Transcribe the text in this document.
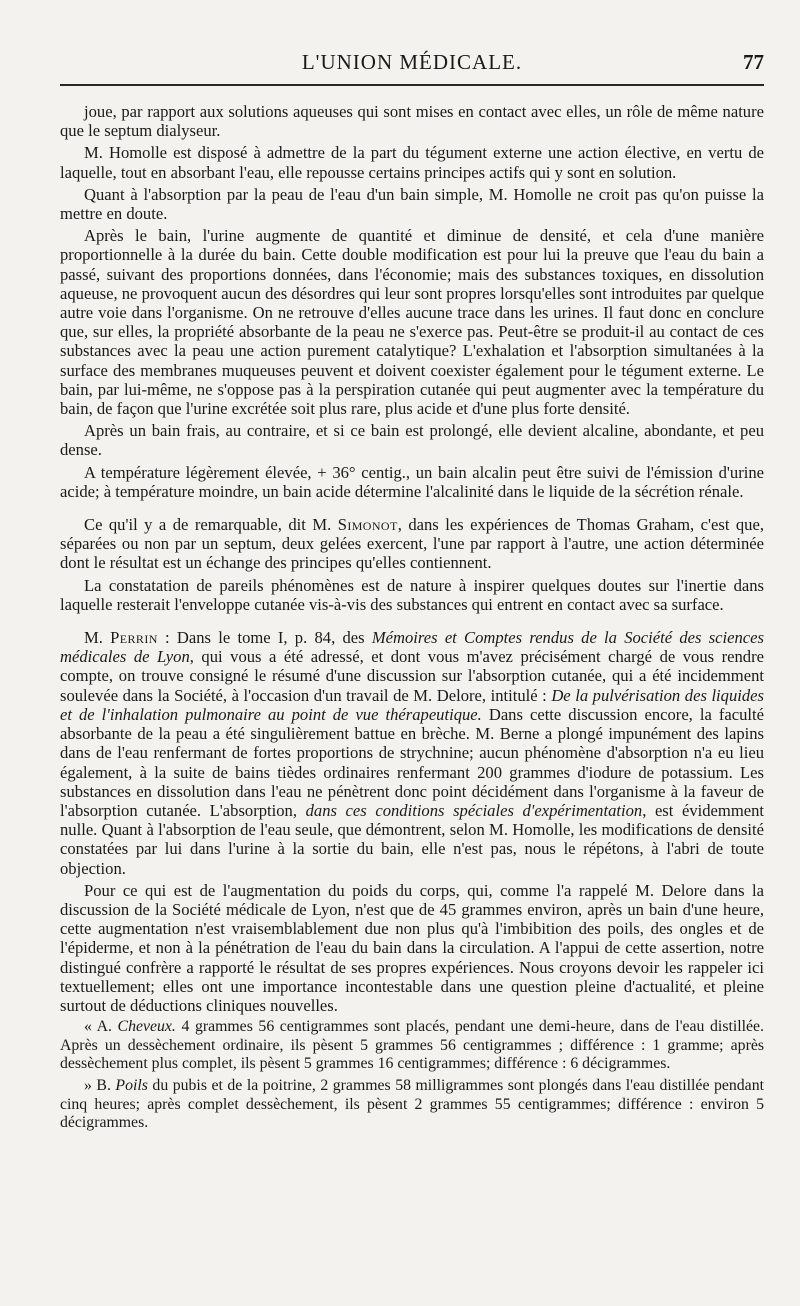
L'UNION MÉDICALE.	77

joue, par rapport aux solutions aqueuses qui sont mises en contact avec elles, un rôle de même nature que le septum dialyseur.

M. Homolle est disposé à admettre de la part du tégument externe une action élective, en vertu de laquelle, tout en absorbant l'eau, elle repousse certains principes actifs qui y sont en solution.

Quant à l'absorption par la peau de l'eau d'un bain simple, M. Homolle ne croit pas qu'on puisse la mettre en doute.

Après le bain, l'urine augmente de quantité et diminue de densité, et cela d'une manière proportionnelle à la durée du bain. Cette double modification est pour lui la preuve que l'eau du bain a passé, suivant des proportions données, dans l'économie; mais des substances toxiques, en dissolution aqueuse, ne provoquent aucun des désordres qui leur sont propres lorsqu'elles sont introduites par quelque autre voie dans l'organisme. On ne retrouve d'elles aucune trace dans les urines. Il faut donc en conclure que, sur elles, la propriété absorbante de la peau ne s'exerce pas. Peut-être se produit-il au contact de ces substances avec la peau une action purement catalytique? L'exhalation et l'absorption simultanées à la surface des membranes muqueuses peuvent et doivent coexister également pour le tégument externe. Le bain, par lui-même, ne s'oppose pas à la perspiration cutanée qui peut augmenter avec la température du bain, de façon que l'urine excrétée soit plus rare, plus acide et d'une plus forte densité.

Après un bain frais, au contraire, et si ce bain est prolongé, elle devient alcaline, abondante, et peu dense.

A température légèrement élevée, + 36° centig., un bain alcalin peut être suivi de l'émission d'urine acide; à température moindre, un bain acide détermine l'alcalinité dans le liquide de la sécrétion rénale.

Ce qu'il y a de remarquable, dit M. Simonot, dans les expériences de Thomas Graham, c'est que, séparées ou non par un septum, deux gelées exercent, l'une par rapport à l'autre, une action déterminée dont le résultat est un échange des principes qu'elles contiennent.

La constatation de pareils phénomènes est de nature à inspirer quelques doutes sur l'inertie dans laquelle resterait l'enveloppe cutanée vis-à-vis des substances qui entrent en contact avec sa surface.

M. Perrin : Dans le tome I, p. 84, des Mémoires et Comptes rendus de la Société des sciences médicales de Lyon, qui vous a été adressé, et dont vous m'avez précisément chargé de vous rendre compte, on trouve consigné le résumé d'une discussion sur l'absorption cutanée, qui a été incidemment soulevée dans la Société, à l'occasion d'un travail de M. Delore, intitulé : De la pulvérisation des liquides et de l'inhalation pulmonaire au point de vue thérapeutique. Dans cette discussion encore, la faculté absorbante de la peau a été singulièrement battue en brèche. M. Berne a plongé impunément des lapins dans de l'eau renfermant de fortes proportions de strychnine; aucun phénomène d'absorption n'a eu lieu également, à la suite de bains tièdes ordinaires renfermant 200 grammes d'iodure de potassium. Les substances en dissolution dans l'eau ne pénètrent donc point décidément dans l'organisme à la faveur de l'absorption cutanée. L'absorption, dans ces conditions spéciales d'expérimentation, est évidemment nulle. Quant à l'absorption de l'eau seule, que démontrent, selon M. Homolle, les modifications de densité constatées par lui dans l'urine à la sortie du bain, elle n'est pas, nous le répétons, à l'abri de toute objection.

Pour ce qui est de l'augmentation du poids du corps, qui, comme l'a rappelé M. Delore dans la discussion de la Société médicale de Lyon, n'est que de 45 grammes environ, après un bain d'une heure, cette augmentation n'est vraisemblablement due non plus qu'à l'imbibition des poils, des ongles et de l'épiderme, et non à la pénétration de l'eau du bain dans la circulation. A l'appui de cette assertion, notre distingué confrère a rapporté le résultat de ses propres expériences. Nous croyons devoir les rappeler ici textuellement; elles ont une importance incontestable dans une question pleine d'actualité, et pleine surtout de déductions cliniques nouvelles.

« A. Cheveux. 4 grammes 56 centigrammes sont placés, pendant une demi-heure, dans de l'eau distillée. Après un dessèchement ordinaire, ils pèsent 5 grammes 56 centigrammes ; différence : 1 gramme; après dessèchement plus complet, ils pèsent 5 grammes 16 centigrammes; différence : 6 décigrammes.

» B. Poils du pubis et de la poitrine, 2 grammes 58 milligrammes sont plongés dans l'eau distillée pendant cinq heures; après complet dessèchement, ils pèsent 2 grammes 55 centigrammes; différence : environ 5 décigrammes.
